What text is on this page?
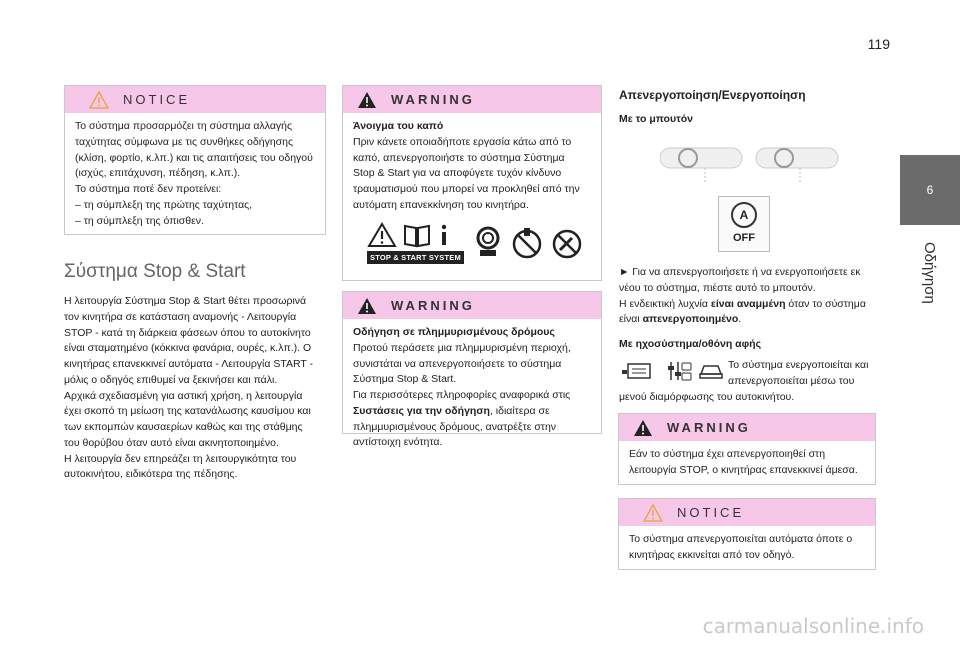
119
6
Οδήγηση
NOTICE

Το σύστημα προσαρμόζει τη σύστημα αλλαγής

ταχύτητας σύμφωνα με τις συνθήκες οδήγησης

(κλίση, φορτίο, κ.λπ.) και τις απαιτήσεις του οδηγού

(ισχύς, επιτάχυνση, πέδηση, κ.λπ.).

Το σύστημα ποτέ δεν προτείνει:

– τη σύμπλεξη της πρώτης ταχύτητας,

– τη σύμπλεξη της όπισθεν.

Σύστημα Stop & Start

Η λειτουργία Σύστημα Stop & Start θέτει προσωρινά

τον κινητήρα σε κατάσταση αναμονής - Λειτουργία

STOP - κατά τη διάρκεια φάσεων όπου το αυτοκίνητο

είναι σταματημένο (κόκκινα φανάρια, ουρές, κ.λπ.). Ο

κινητήρας επανεκκινεί αυτόματα - Λειτουργία START -

μόλις ο οδηγός επιθυμεί να ξεκινήσει και πάλι.

Αρχικά σχεδιασμένη για αστική χρήση, η λειτουργία

έχει σκοπό τη μείωση της κατανάλωσης καυσίμου και

των εκπομπών καυσαερίων καθώς και της στάθμης

του θορύβου όταν αυτό είναι ακινητοποιημένο.

Η λειτουργία δεν επηρεάζει τη λειτουργικότητα του

αυτοκινήτου, ειδικότερα της πέδησης.

WARNING

Άνοιγμα του καπό

Πριν κάνετε οποιαδήποτε εργασία κάτω από το

καπό, απενεργοποιήστε το σύστημα Σύστημα

Stop & Start για να αποφύγετε τυχόν κίνδυνο

τραυματισμού που μπορεί να προκληθεί από την

αυτόματη επανεκκίνηση του κινητήρα.

STOP & START SYSTEM
WARNING

Οδήγηση σε πλημμυρισμένους δρόμους

Προτού περάσετε μια πλημμυρισμένη περιοχή,

συνιστάται να απενεργοποιήσετε το σύστημα

Σύστημα Stop & Start.

Για περισσότερες πληροφορίες αναφορικά στις

Συστάσεις για την οδήγηση, ιδιαίτερα σε

πλημμυρισμένους δρόμους, ανατρέξτε στην

αντίστοιχη ενότητα.

Απενεργοποίηση/Ενεργοποίηση
Με το μπουτόν
A
OFF

► Για να απενεργοποιήσετε ή να ενεργοποιήσετε εκ

νέου το σύστημα, πιέστε αυτό το μπουτόν.

Η ενδεικτική λυχνία είναι αναμμένη όταν το σύστημα

είναι απενεργοποιημένο.

Με ηχοσύστημα/οθόνη αφής

Το σύστημα ενεργοποιείται και

απενεργοποιείται μέσω του

μενού διαμόρφωσης του αυτοκινήτου.
WARNING

Εάν το σύστημα έχει απενεργοποιηθεί στη

λειτουργία STOP, ο κινητήρας επανεκκινεί άμεσα.

NOTICE

Το σύστημα απενεργοποιείται αυτόματα όποτε ο

κινητήρας εκκινείται από τον οδηγό.

carmanualsonline.info
